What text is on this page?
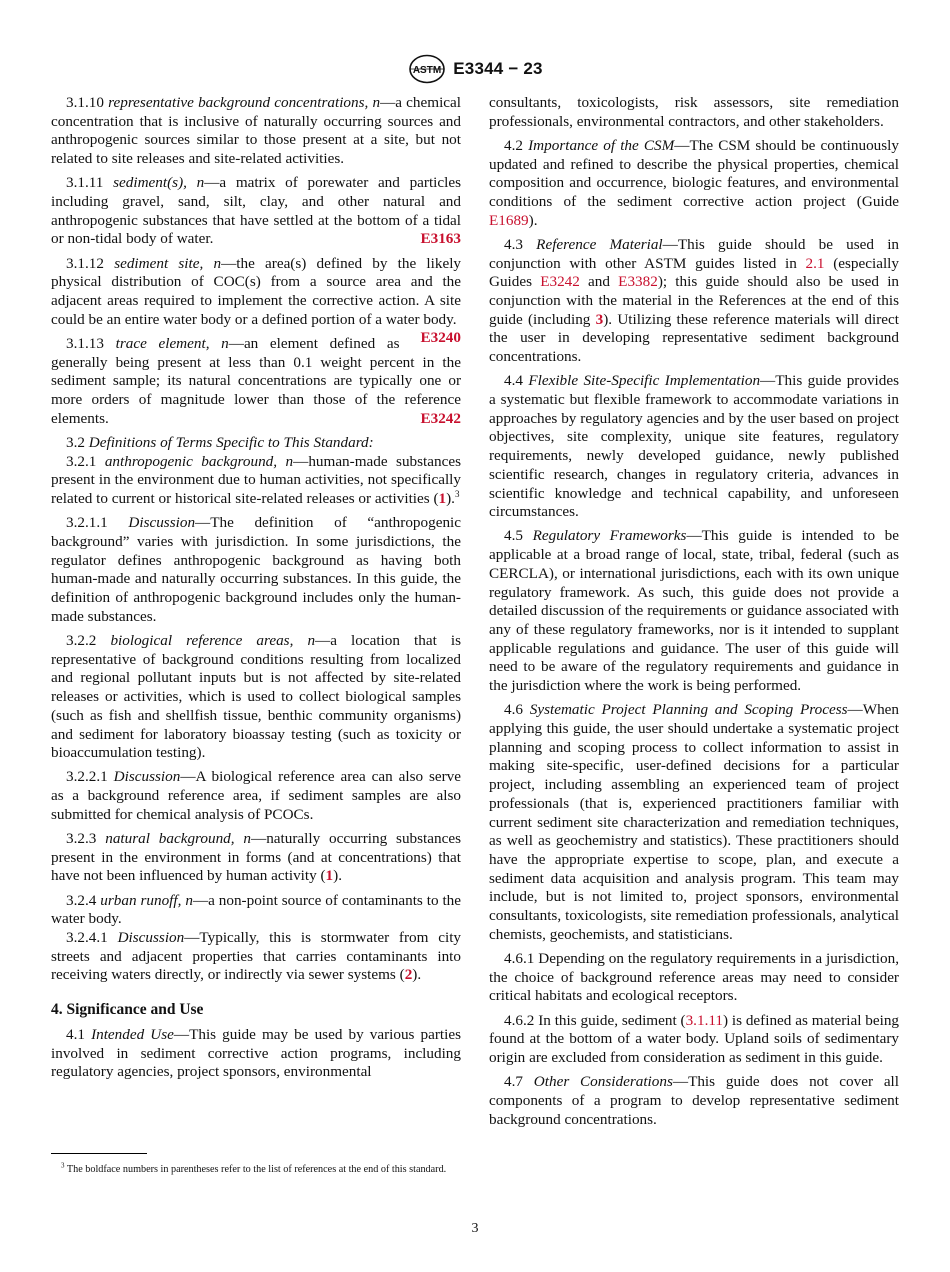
ASTM E3344 − 23

3.1.10 representative background concentrations, n—a chemical concentration that is inclusive of naturally occurring sources and anthropogenic sources similar to those present at a site, but not related to site releases and site-related activities.

3.1.11 sediment(s), n—a matrix of porewater and particles including gravel, sand, silt, clay, and other natural and anthropogenic substances that have settled at the bottom of a tidal or non-tidal body of water.	E3163

3.1.12 sediment site, n—the area(s) defined by the likely physical distribution of COC(s) from a source area and the adjacent areas required to implement the corrective action. A site could be an entire water body or a defined portion of a water body.
E3240

3.1.13 trace element, n—an element defined as generally being present at less than 0.1 weight percent in the sediment sample; its natural concentrations are typically one or more orders of magnitude lower than those of the reference elements.	E3242

3.2 Definitions of Terms Specific to This Standard:

3.2.1 anthropogenic background, n—human-made substances present in the environment due to human activities, not specifically related to current or historical site-related releases or activities (1).$^3$

3.2.1.1 Discussion—The definition of “anthropogenic background” varies with jurisdiction. In some jurisdictions, the regulator defines anthropogenic background as having both human-made and naturally occurring substances. In this guide, the definition of anthropogenic background includes only the human-made substances.

3.2.2 biological reference areas, n—a location that is representative of background conditions resulting from localized and regional pollutant inputs but is not affected by site-related releases or activities, which is used to collect biological samples (such as fish and shellfish tissue, benthic community organisms) and sediment for laboratory bioassay testing (such as toxicity or bioaccumulation testing).

3.2.2.1 Discussion—A biological reference area can also serve as a background reference area, if sediment samples are also submitted for chemical analysis of PCOCs.

3.2.3 natural background, n—naturally occurring substances present in the environment in forms (and at concentrations) that have not been influenced by human activity (1).

3.2.4 urban runoff, n—a non-point source of contaminants to the water body.

3.2.4.1 Discussion—Typically, this is stormwater from city streets and adjacent properties that carries contaminants into receiving waters directly, or indirectly via sewer systems (2).

4. Significance and Use

4.1 Intended Use—This guide may be used by various parties involved in sediment corrective action programs, including regulatory agencies, project sponsors, environmental

consultants, toxicologists, risk assessors, site remediation professionals, environmental contractors, and other stakeholders.

4.2 Importance of the CSM—The CSM should be continuously updated and refined to describe the physical properties, chemical composition and occurrence, biologic features, and environmental conditions of the sediment corrective action project (Guide E1689).

4.3 Reference Material—This guide should be used in conjunction with other ASTM guides listed in 2.1 (especially Guides E3242 and E3382); this guide should also be used in conjunction with the material in the References at the end of this guide (including 3). Utilizing these reference materials will direct the user in developing representative sediment background concentrations.

4.4 Flexible Site-Specific Implementation—This guide provides a systematic but flexible framework to accommodate variations in approaches by regulatory agencies and by the user based on project objectives, site complexity, unique site features, regulatory requirements, newly developed guidance, newly published scientific research, changes in regulatory criteria, advances in scientific knowledge and technical capability, and unforeseen circumstances.

4.5 Regulatory Frameworks—This guide is intended to be applicable at a broad range of local, state, tribal, federal (such as CERCLA), or international jurisdictions, each with its own unique regulatory framework. As such, this guide does not provide a detailed discussion of the requirements or guidance associated with any of these regulatory frameworks, nor is it intended to supplant applicable regulations and guidance. The user of this guide will need to be aware of the regulatory requirements and guidance in the jurisdiction where the work is being performed.

4.6 Systematic Project Planning and Scoping Process—When applying this guide, the user should undertake a systematic project planning and scoping process to collect information to assist in making site-specific, user-defined decisions for a particular project, including assembling an experienced team of project professionals (that is, experienced practitioners familiar with current sediment site characterization and remediation techniques, as well as geochemistry and statistics). These practitioners should have the appropriate expertise to scope, plan, and execute a sediment data acquisition and analysis program. This team may include, but is not limited to, project sponsors, environmental consultants, toxicologists, site remediation professionals, analytical chemists, geochemists, and statisticians.

4.6.1 Depending on the regulatory requirements in a jurisdiction, the choice of background reference areas may need to consider critical habitats and ecological receptors.

4.6.2 In this guide, sediment (3.1.11) is defined as material being found at the bottom of a water body. Upland soils of sedimentary origin are excluded from consideration as sediment in this guide.

4.7 Other Considerations—This guide does not cover all components of a program to develop representative sediment background concentrations.

$^3$ The boldface numbers in parentheses refer to the list of references at the end of this standard.
3
